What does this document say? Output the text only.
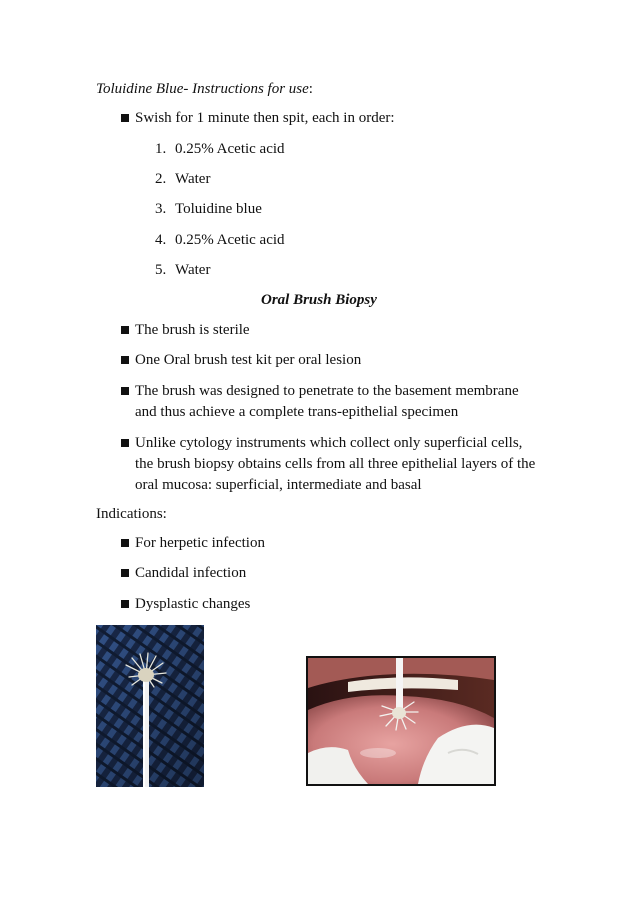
Toluidine Blue- Instructions for use:
Swish for 1 minute then spit, each in order:
1. 0.25% Acetic acid
2. Water
3. Toluidine blue
4. 0.25% Acetic acid
5. Water
Oral Brush Biopsy
The brush is sterile
One Oral brush test kit per oral lesion
The brush was designed to penetrate to the basement membrane
and thus achieve a complete trans-epithelial specimen
Unlike cytology instruments which collect only superficial cells,
the brush biopsy obtains cells from all three epithelial layers of the
oral mucosa: superficial, intermediate and basal
Indications:
For herpetic infection
Candidal infection
Dysplastic changes
